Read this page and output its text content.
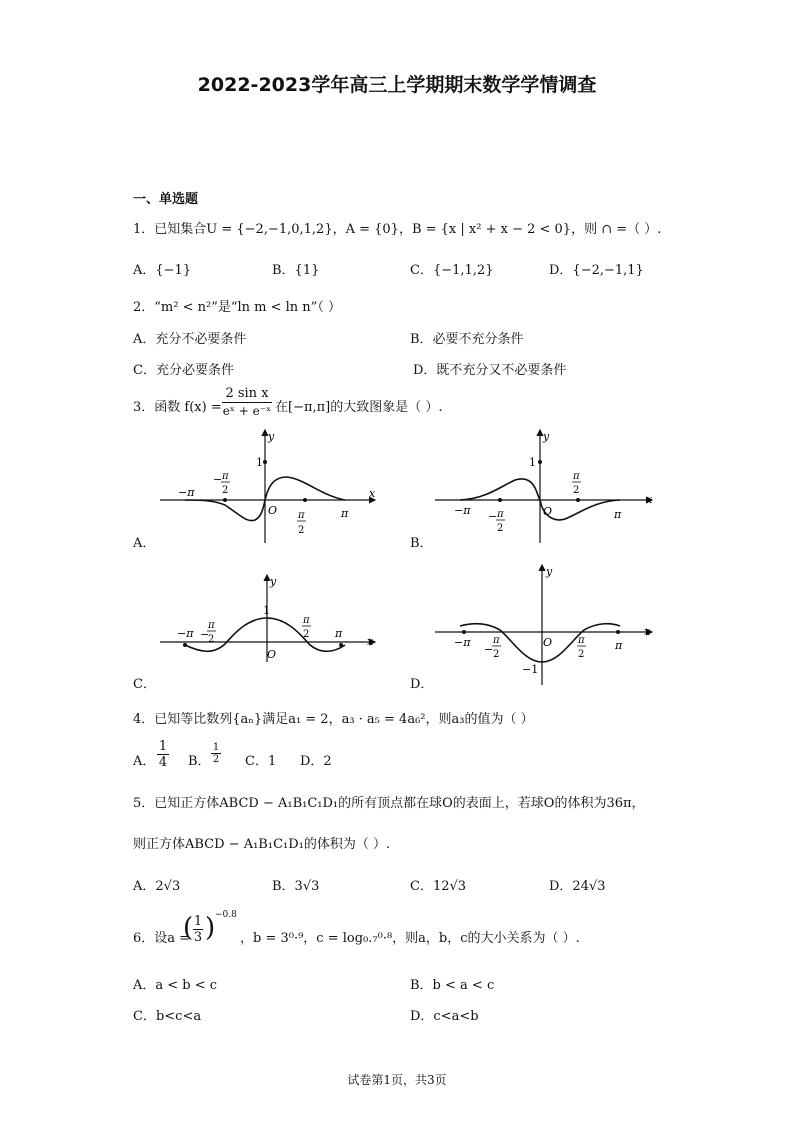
2022-2023学年高三上学期期末数学学情调查
一、单选题
1．已知集合U = {−2,−1,0,1,2}，A = {0}，B = {x | x² + x − 2 < 0}，则 ∩ =（ ）.
A．{−1}	B．{1}	C．{−1,1,2}	D．{−2,−1,1}
2．“m² < n²”是“ln m < ln n”（ ）
A．充分不必要条件	B．必要不充分条件
C．充分必要条件	D．既不充分又不必要条件
3．函数 $f(x) = \frac{\text{2 sin x}}{\text{eˣ + e⁻ˣ}}$ 在[−π,π]的大致图象是（ ）.
A．	B．
C．	D．
y
x
1
O
−π
π
− π
2
π
2
y
x
1
O
−π	π
− π
2
π
2
y
x
1
O
−π	π
−
π
2
π
2
y
x
−1
O
−π	π
−
π
2
π
2
4．已知等比数列{aₙ}满足a₁ = 2，a₃ · a₅ = 4a₆²，则a₃的值为（ ）
A． $\frac{1}{4}$ B． $\frac{1}{2}$ C．1 D．2
5．已知正方体ABCD − A₁B₁C₁D₁的所有顶点都在球O的表面上，若球O的体积为36π，
则正方体ABCD − A₁B₁C₁D₁的体积为（ ）.
A．2√3	B．3√3	C．12√3	D．24√3
6．设a =
( $\frac{1}{3}$ ) −0.8
，b = 3⁰·⁹，c = log₀.₇⁰·⁸，则a，b，c的大小关系为（ ）.
A．a < b < c	B．b < a < c
C．b<c<a	D．c<a<b
试卷第1页，共3页
